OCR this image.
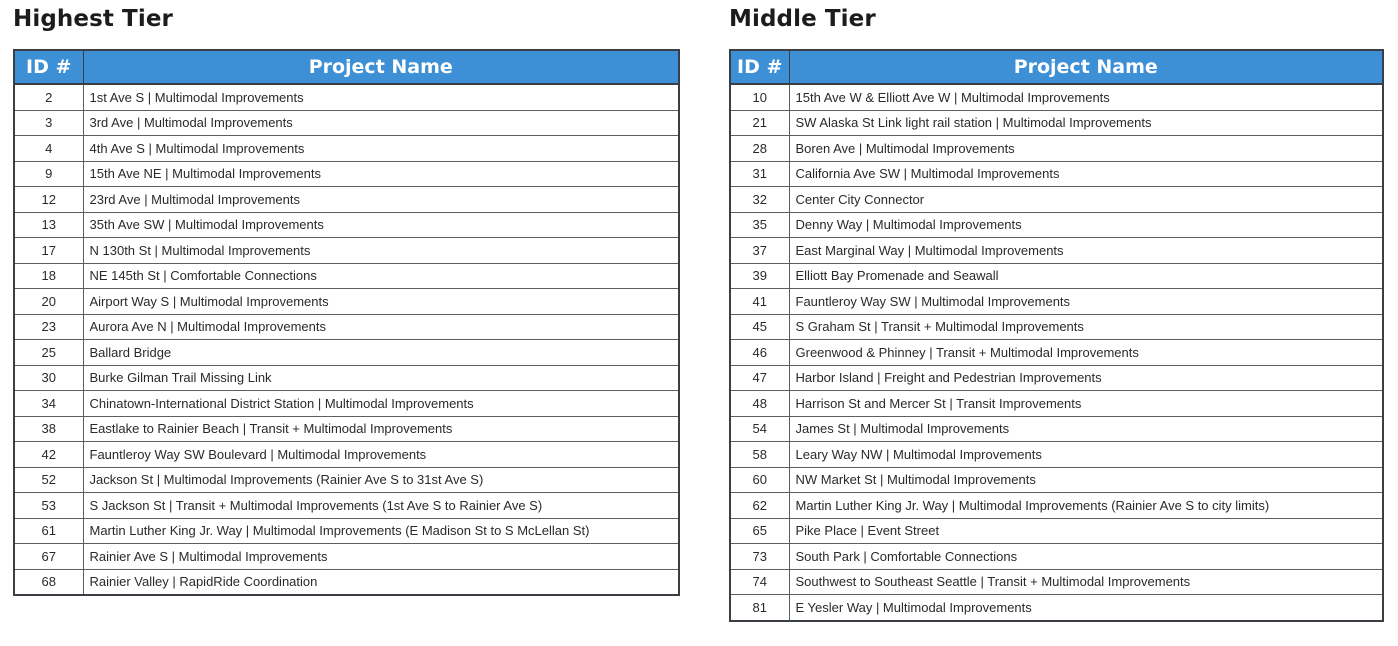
Highest Tier
ID #	Project Name
2	1st Ave S | Multimodal Improvements
3	3rd Ave | Multimodal Improvements
4	4th Ave S | Multimodal Improvements
9	15th Ave NE | Multimodal Improvements
12	23rd Ave | Multimodal Improvements
13	35th Ave SW | Multimodal Improvements
17	N 130th St | Multimodal Improvements
18	NE 145th St | Comfortable Connections
20	Airport Way S | Multimodal Improvements
23	Aurora Ave N | Multimodal Improvements
25	Ballard Bridge
30	Burke Gilman Trail Missing Link
34	Chinatown-International District Station | Multimodal Improvements
38	Eastlake to Rainier Beach | Transit + Multimodal Improvements
42	Fauntleroy Way SW Boulevard | Multimodal Improvements
52	Jackson St | Multimodal Improvements (Rainier Ave S to 31st Ave S)
53	S Jackson St | Transit + Multimodal Improvements (1st Ave S to Rainier Ave S)
61	Martin Luther King Jr. Way | Multimodal Improvements (E Madison St to S McLellan St)
67	Rainier Ave S | Multimodal Improvements
68	Rainier Valley | RapidRide Coordination
Middle Tier
ID #	Project Name
10	15th Ave W & Elliott Ave W | Multimodal Improvements
21	SW Alaska St Link light rail station | Multimodal Improvements
28	Boren Ave | Multimodal Improvements
31	California Ave SW | Multimodal Improvements
32	Center City Connector
35	Denny Way | Multimodal Improvements
37	East Marginal Way | Multimodal Improvements
39	Elliott Bay Promenade and Seawall
41	Fauntleroy Way SW | Multimodal Improvements
45	S Graham St | Transit + Multimodal Improvements
46	Greenwood & Phinney | Transit + Multimodal Improvements
47	Harbor Island | Freight and Pedestrian Improvements
48	Harrison St and Mercer St | Transit Improvements
54	James St | Multimodal Improvements
58	Leary Way NW | Multimodal Improvements
60	NW Market St | Multimodal Improvements
62	Martin Luther King Jr. Way | Multimodal Improvements (Rainier Ave S to city limits)
65	Pike Place | Event Street
73	South Park | Comfortable Connections
74	Southwest to Southeast Seattle | Transit + Multimodal Improvements
81	E Yesler Way | Multimodal Improvements
